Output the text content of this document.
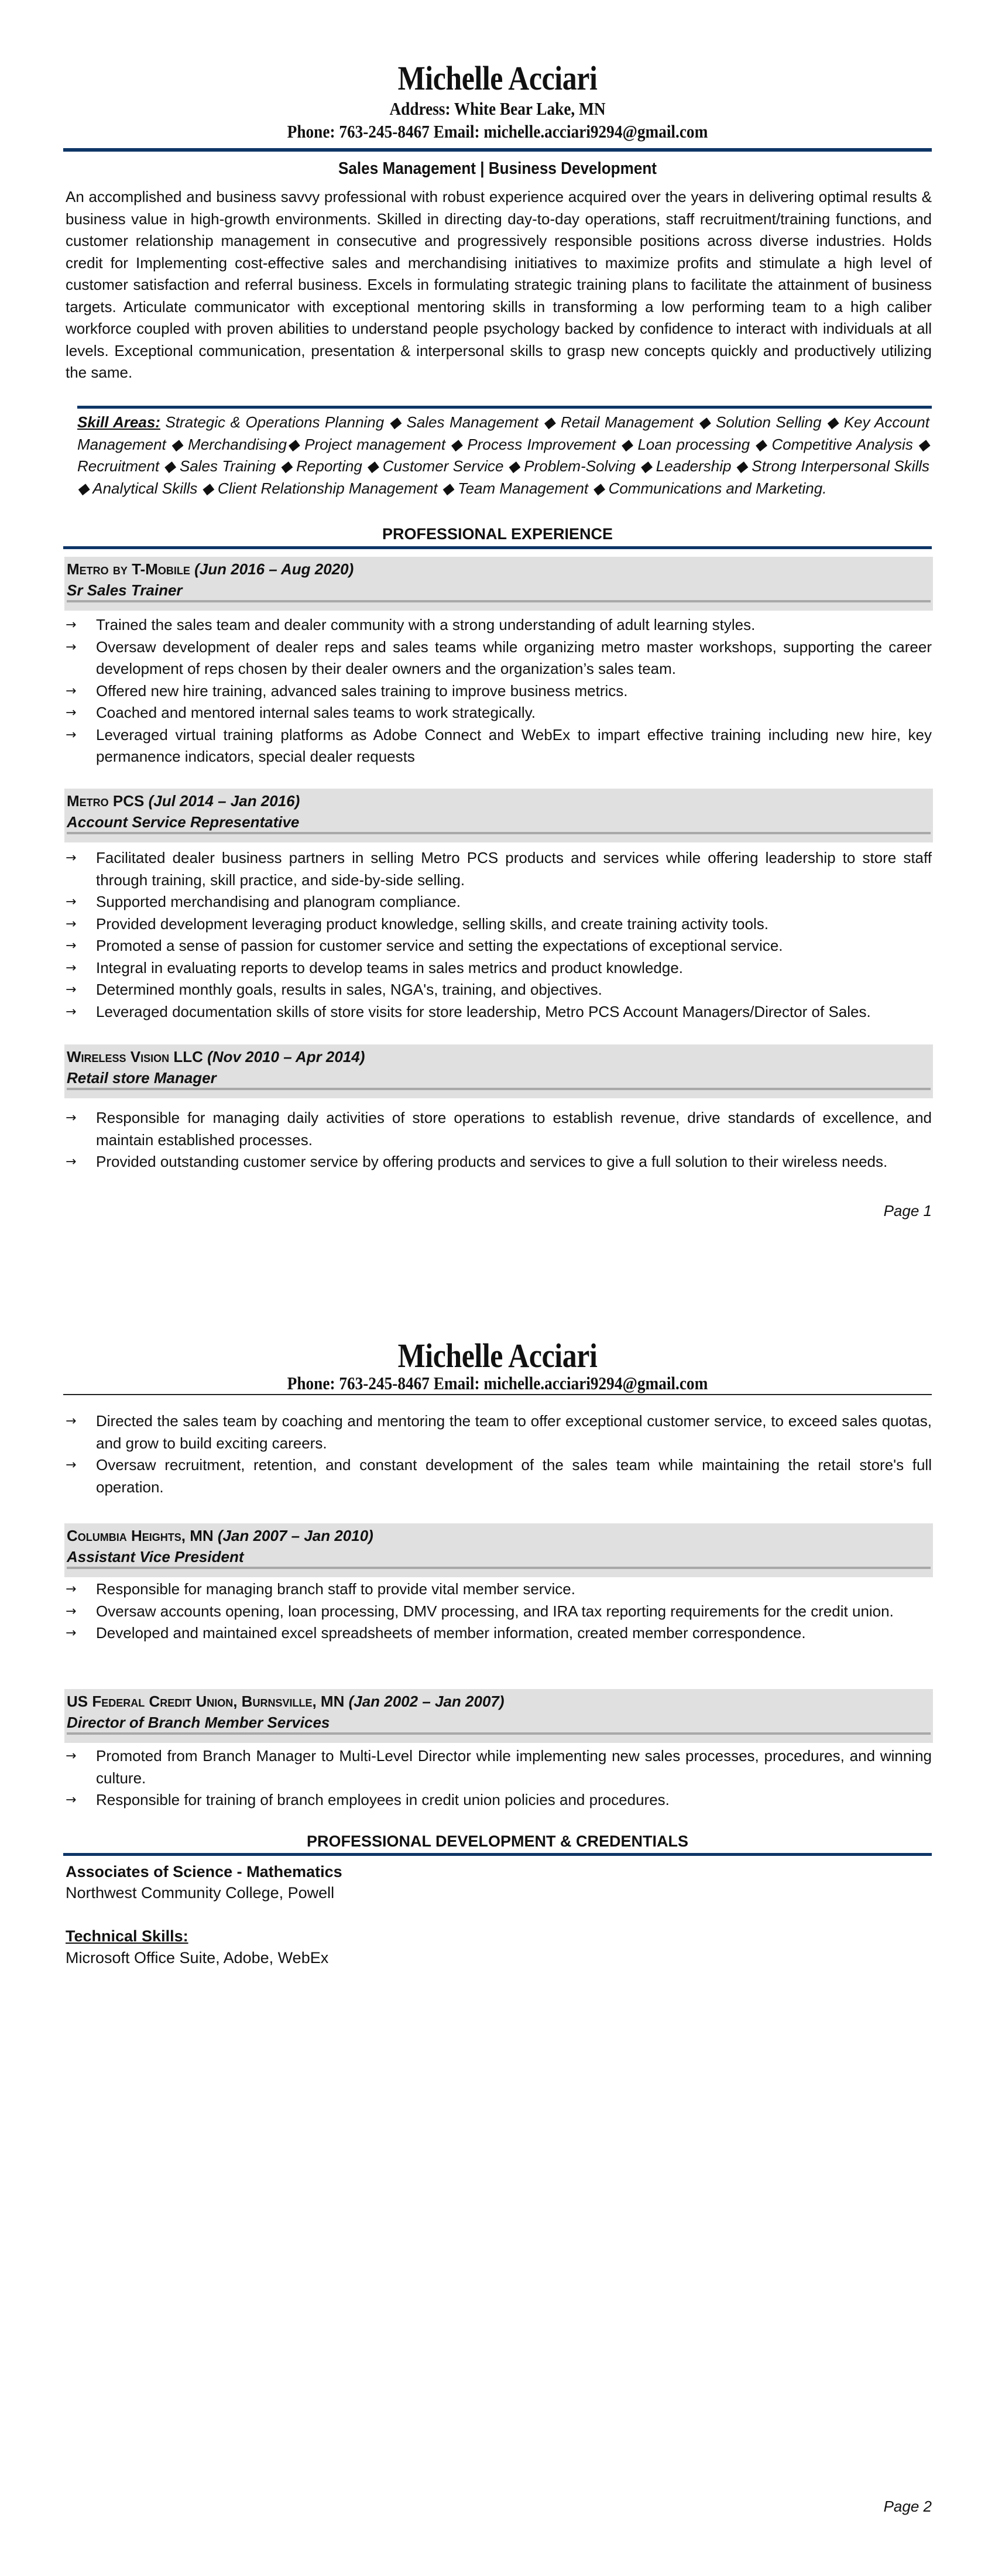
Michelle Acciari
Address: White Bear Lake, MN
Phone: 763-245-8467 Email: michelle.acciari9294@gmail.com
Sales Management | Business Development
An accomplished and business savvy professional with robust experience acquired over the years in delivering optimal results & business value in high-growth environments. Skilled in directing day-to-day operations, staff recruitment/training functions, and customer relationship management in consecutive and progressively responsible positions across diverse industries. Holds credit for Implementing cost-effective sales and merchandising initiatives to maximize profits and stimulate a high level of customer satisfaction and referral business. Excels in formulating strategic training plans to facilitate the attainment of business targets. Articulate communicator with exceptional mentoring skills in transforming a low performing team to a high caliber workforce coupled with proven abilities to understand people psychology backed by confidence to interact with individuals at all levels. Exceptional communication, presentation & interpersonal skills to grasp new concepts quickly and productively utilizing the same.
Skill Areas: Strategic & Operations Planning ◆ Sales Management ◆ Retail Management ◆ Solution Selling ◆ Key Account Management ◆ Merchandising◆ Project management ◆ Process Improvement ◆ Loan processing ◆ Competitive Analysis ◆ Recruitment ◆ Sales Training ◆ Reporting ◆ Customer Service ◆ Problem-Solving ◆ Leadership ◆ Strong Interpersonal Skills ◆ Analytical Skills ◆ Client Relationship Management ◆ Team Management ◆ Communications and Marketing.
PROFESSIONAL EXPERIENCE
Metro by T-Mobile (Jun 2016 – Aug 2020)
Sr Sales Trainer
→ Trained the sales team and dealer community with a strong understanding of adult learning styles.
→ Oversaw development of dealer reps and sales teams while organizing metro master workshops, supporting the career development of reps chosen by their dealer owners and the organization’s sales team.
→ Offered new hire training, advanced sales training to improve business metrics.
→ Coached and mentored internal sales teams to work strategically.
→ Leveraged virtual training platforms as Adobe Connect and WebEx to impart effective training including new hire, key permanence indicators, special dealer requests
Metro PCS (Jul 2014 – Jan 2016)
Account Service Representative
→ Facilitated dealer business partners in selling Metro PCS products and services while offering leadership to store staff through training, skill practice, and side-by-side selling.
→ Supported merchandising and planogram compliance.
→ Provided development leveraging product knowledge, selling skills, and create training activity tools.
→ Promoted a sense of passion for customer service and setting the expectations of exceptional service.
→ Integral in evaluating reports to develop teams in sales metrics and product knowledge.
→ Determined monthly goals, results in sales, NGA's, training, and objectives.
→ Leveraged documentation skills of store visits for store leadership, Metro PCS Account Managers/Director of Sales.
Wireless Vision LLC (Nov 2010 – Apr 2014)
Retail store Manager
→ Responsible for managing daily activities of store operations to establish revenue, drive standards of excellence, and maintain established processes.
→ Provided outstanding customer service by offering products and services to give a full solution to their wireless needs.
Page 1
Michelle Acciari
Phone: 763-245-8467 Email: michelle.acciari9294@gmail.com
→ Directed the sales team by coaching and mentoring the team to offer exceptional customer service, to exceed sales quotas, and grow to build exciting careers.
→ Oversaw recruitment, retention, and constant development of the sales team while maintaining the retail store's full operation.
Columbia Heights, MN (Jan 2007 – Jan 2010)
Assistant Vice President
→ Responsible for managing branch staff to provide vital member service.
→ Oversaw accounts opening, loan processing, DMV processing, and IRA tax reporting requirements for the credit union.
→ Developed and maintained excel spreadsheets of member information, created member correspondence.
US Federal Credit Union, Burnsville, MN (Jan 2002 – Jan 2007)
Director of Branch Member Services
→ Promoted from Branch Manager to Multi-Level Director while implementing new sales processes, procedures, and winning culture.
→ Responsible for training of branch employees in credit union policies and procedures.
PROFESSIONAL DEVELOPMENT & CREDENTIALS
Associates of Science - Mathematics
Northwest Community College, Powell
Technical Skills:
Microsoft Office Suite, Adobe, WebEx
Page 2
